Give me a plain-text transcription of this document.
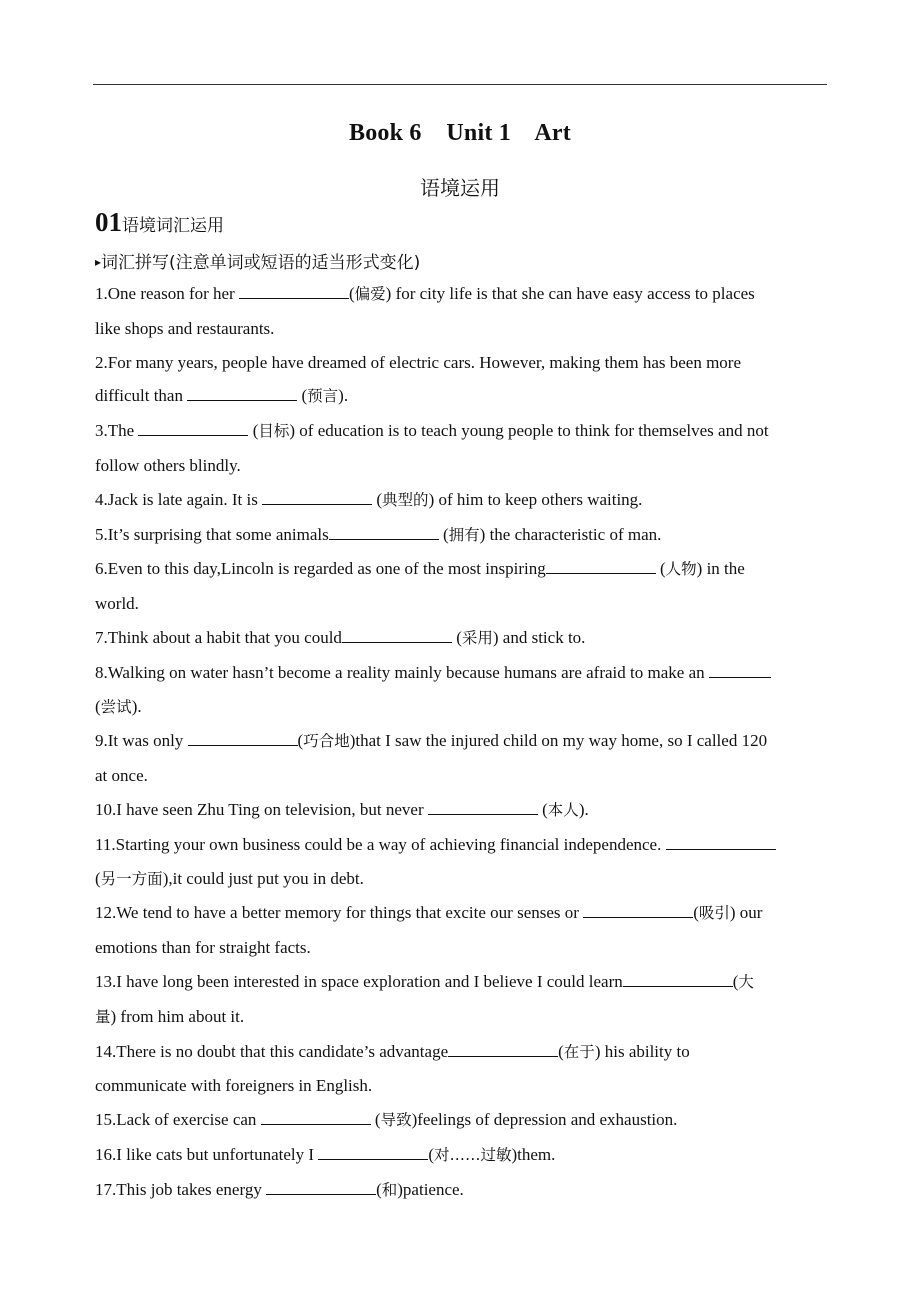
Book 6    Unit 1    Art
语境运用
01语境词汇运用
▸词汇拼写(注意单词或短语的适当形式变化)
1.One reason for her	(偏爱) for city life is that she can have easy access to places
like shops and restaurants.
2.For many years, people have dreamed of electric cars. However, making them has been more
difficult than	(预言).
3.The	(目标) of education is to teach young people to think for themselves and not
follow others blindly.
4.Jack is late again. It is	(典型的) of him to keep others waiting.
5.It’s surprising that some animals	(拥有) the characteristic of man.
6.Even to this day,Lincoln is regarded as one of the most inspiring	(人物) in the
world.
7.Think about a habit that you could	(采用) and stick to.
8.Walking on water hasn’t become a reality mainly because humans are afraid to make an
(尝试).
9.It was only	(巧合地)that I saw the injured child on my way home, so I called 120
at once.
10.I have seen Zhu Ting on television, but never	(本人).
11.Starting your own business could be a way of achieving financial independence.
(另一方面),it could just put you in debt.
12.We tend to have a better memory for things that excite our senses or	(吸引) our
emotions than for straight facts.
13.I have long been interested in space exploration and I believe I could learn	(大
量) from him about it.
14.There is no doubt that this candidate’s advantage	(在于) his ability to
communicate with foreigners in English.
15.Lack of exercise can	(导致)feelings of depression and exhaustion.
16.I like cats but unfortunately I	(对……过敏)them.
17.This job takes energy	(和)patience.
